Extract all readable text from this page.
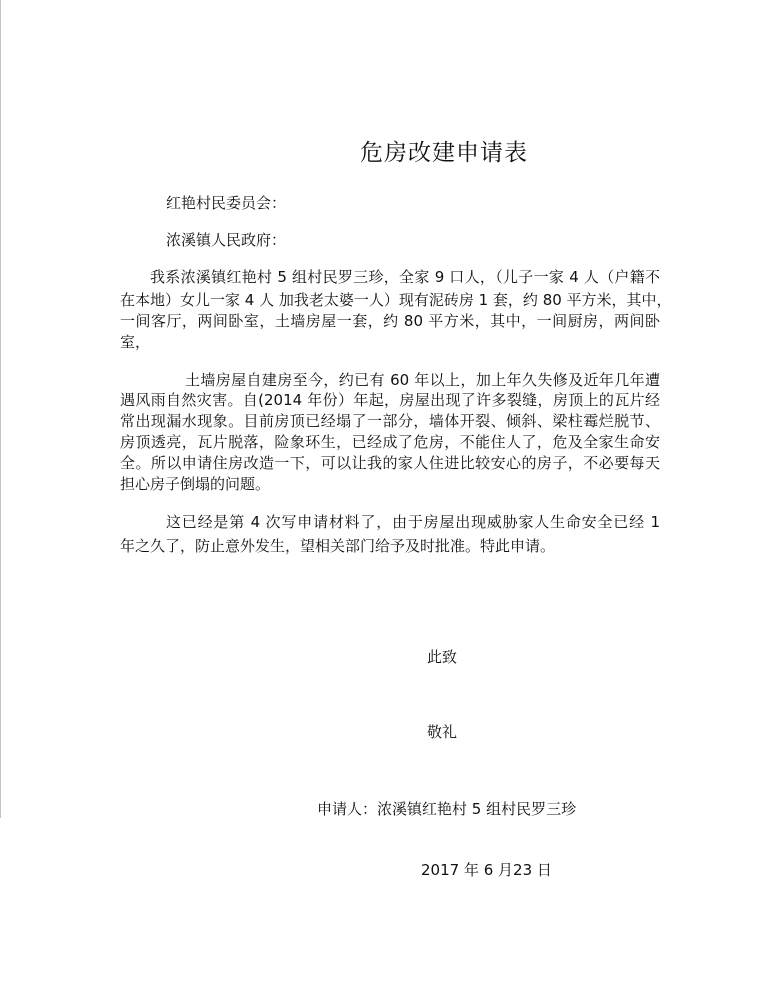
危房改建申请表
红艳村民委员会：
浓溪镇人民政府：
我系浓溪镇红艳村 5 组村民罗三珍，全家 9 口人，（儿子一家 4 人（户籍不
在本地）女儿一家 4 人 加我老太婆一人）现有泥砖房 1 套，约 80 平方米，其中，
一间客厅，两间卧室，土墙房屋一套，约 80 平方米，其中，一间厨房，两间卧
室，
土墙房屋自建房至今，约已有 60 年以上，加上年久失修及近年几年遭
遇风雨自然灾害。自(2014 年份）年起，房屋出现了许多裂缝，房顶上的瓦片经
常出现漏水现象。目前房顶已经塌了一部分，墙体开裂、倾斜、梁柱霉烂脱节、
房顶透亮，瓦片脱落，险象环生，已经成了危房，不能住人了，危及全家生命安
全。所以申请住房改造一下，可以让我的家人住进比较安心的房子，不必要每天
担心房子倒塌的问题。
这已经是第 4 次写申请材料了，由于房屋出现威胁家人生命安全已经 1
年之久了，防止意外发生，望相关部门给予及时批准。特此申请。
此致
敬礼
申请人：浓溪镇红艳村 5 组村民罗三珍
2017 年 6 月23 日
